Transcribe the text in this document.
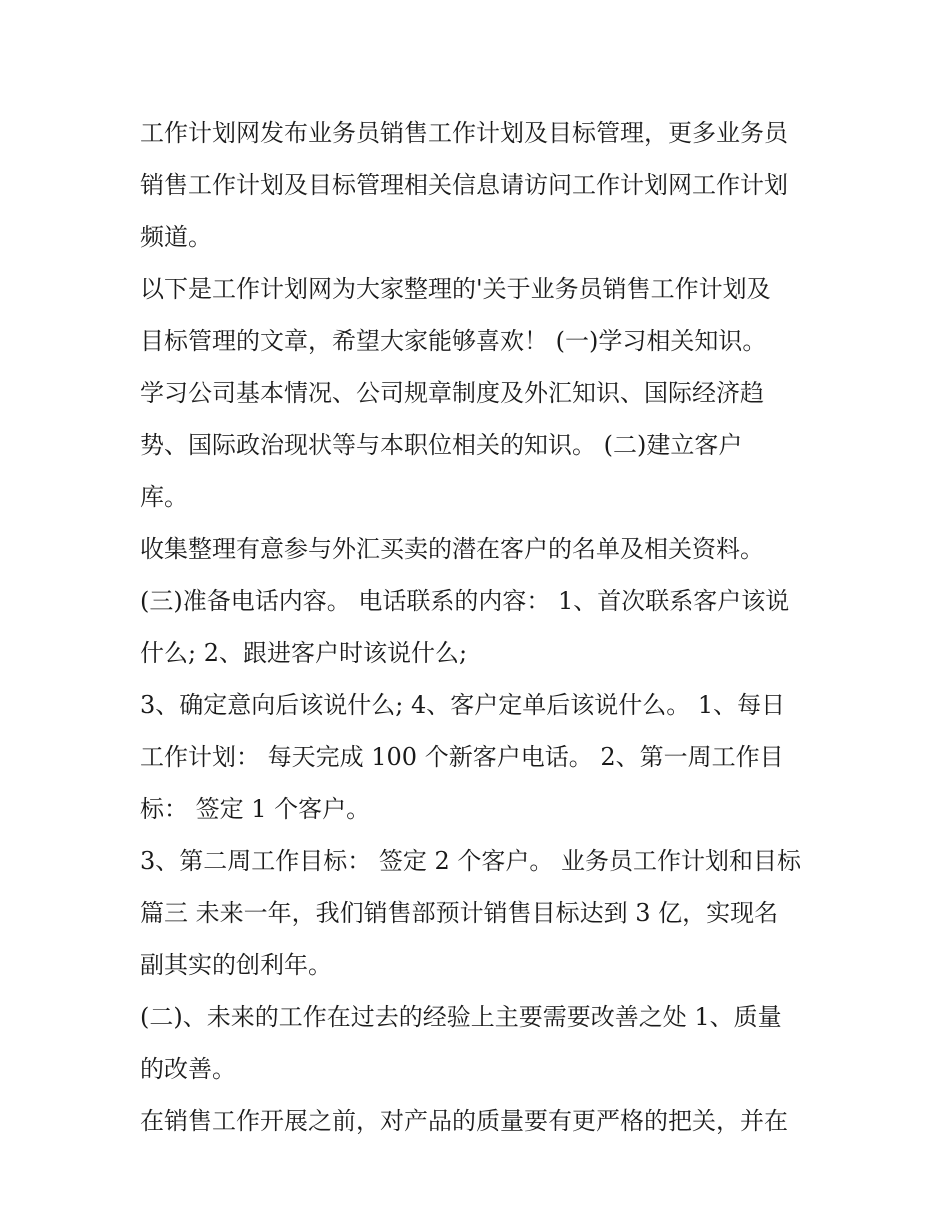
工作计划网发布业务员销售工作计划及目标管理，更多业务员
销售工作计划及目标管理相关信息请访问工作计划网工作计划
频道。
以下是工作计划网为大家整理的'关于业务员销售工作计划及
目标管理的文章，希望大家能够喜欢！ (一)学习相关知识。
学习公司基本情况、公司规章制度及外汇知识、国际经济趋
势、国际政治现状等与本职位相关的知识。 (二)建立客户
库。
收集整理有意参与外汇买卖的潜在客户的名单及相关资料。
(三)准备电话内容。 电话联系的内容： 1、首次联系客户该说
什么; 2、跟进客户时该说什么;
3、确定意向后该说什么; 4、客户定单后该说什么。 1、每日
工作计划： 每天完成 100 个新客户电话。 2、第一周工作目
标： 签定 1 个客户。
3、第二周工作目标： 签定 2 个客户。 业务员工作计划和目标
篇三 未来一年，我们销售部预计销售目标达到 3 亿，实现名
副其实的创利年。
(二)、未来的工作在过去的经验上主要需要改善之处 1、质量
的改善。
在销售工作开展之前，对产品的质量要有更严格的把关，并在
